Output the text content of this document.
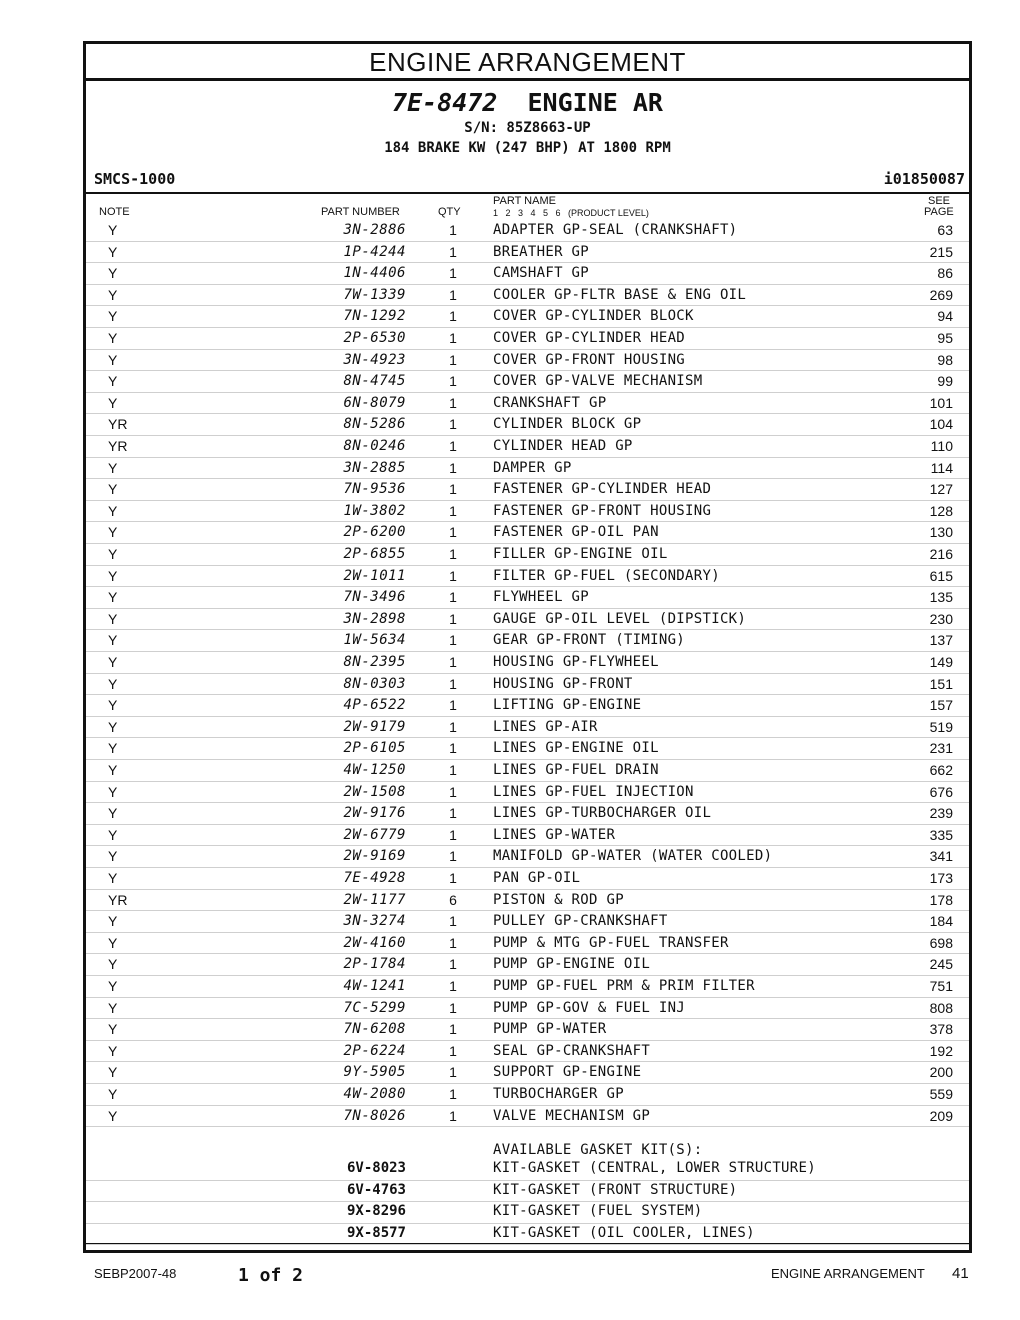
ENGINE ARRANGEMENT
7E-8472 ENGINE AR
S/N: 85Z8663-UP
184 BRAKE KW (247 BHP) AT 1800 RPM
SMCS-1000	i01850087
NOTE	PART NUMBER	QTY
PART NAME
1   2   3   4   5   6   (PRODUCT LEVEL)
SEE
PAGE
Y	3N-2886	1	ADAPTER GP-SEAL (CRANKSHAFT)	63
Y	1P-4244	1	BREATHER GP	215
Y	1N-4406	1	CAMSHAFT GP	86
Y	7W-1339	1	COOLER GP-FLTR BASE & ENG OIL	269
Y	7N-1292	1	COVER GP-CYLINDER BLOCK	94
Y	2P-6530	1	COVER GP-CYLINDER HEAD	95
Y	3N-4923	1	COVER GP-FRONT HOUSING	98
Y	8N-4745	1	COVER GP-VALVE MECHANISM	99
Y	6N-8079	1	CRANKSHAFT GP	101
YR	8N-5286	1	CYLINDER BLOCK GP	104
YR	8N-0246	1	CYLINDER HEAD GP	110
Y	3N-2885	1	DAMPER GP	114
Y	7N-9536	1	FASTENER GP-CYLINDER HEAD	127
Y	1W-3802	1	FASTENER GP-FRONT HOUSING	128
Y	2P-6200	1	FASTENER GP-OIL PAN	130
Y	2P-6855	1	FILLER GP-ENGINE OIL	216
Y	2W-1011	1	FILTER GP-FUEL (SECONDARY)	615
Y	7N-3496	1	FLYWHEEL GP	135
Y	3N-2898	1	GAUGE GP-OIL LEVEL (DIPSTICK)	230
Y	1W-5634	1	GEAR GP-FRONT (TIMING)	137
Y	8N-2395	1	HOUSING GP-FLYWHEEL	149
Y	8N-0303	1	HOUSING GP-FRONT	151
Y	4P-6522	1	LIFTING GP-ENGINE	157
Y	2W-9179	1	LINES GP-AIR	519
Y	2P-6105	1	LINES GP-ENGINE OIL	231
Y	4W-1250	1	LINES GP-FUEL DRAIN	662
Y	2W-1508	1	LINES GP-FUEL INJECTION	676
Y	2W-9176	1	LINES GP-TURBOCHARGER OIL	239
Y	2W-6779	1	LINES GP-WATER	335
Y	2W-9169	1	MANIFOLD GP-WATER (WATER COOLED)	341
Y	7E-4928	1	PAN GP-OIL	173
YR	2W-1177	6	PISTON & ROD GP	178
Y	3N-3274	1	PULLEY GP-CRANKSHAFT	184
Y	2W-4160	1	PUMP & MTG GP-FUEL TRANSFER	698
Y	2P-1784	1	PUMP GP-ENGINE OIL	245
Y	4W-1241	1	PUMP GP-FUEL PRM & PRIM FILTER	751
Y	7C-5299	1	PUMP GP-GOV & FUEL INJ	808
Y	7N-6208	1	PUMP GP-WATER	378
Y	2P-6224	1	SEAL GP-CRANKSHAFT	192
Y	9Y-5905	1	SUPPORT GP-ENGINE	200
Y	4W-2080	1	TURBOCHARGER GP	559
Y	7N-8026	1	VALVE MECHANISM GP	209
AVAILABLE GASKET KIT(S):
6V-8023	KIT-GASKET (CENTRAL, LOWER STRUCTURE)
6V-4763	KIT-GASKET (FRONT STRUCTURE)
9X-8296	KIT-GASKET (FUEL SYSTEM)
9X-8577	KIT-GASKET (OIL COOLER, LINES)
SEBP2007-48	1 of 2	ENGINE ARRANGEMENT 41
